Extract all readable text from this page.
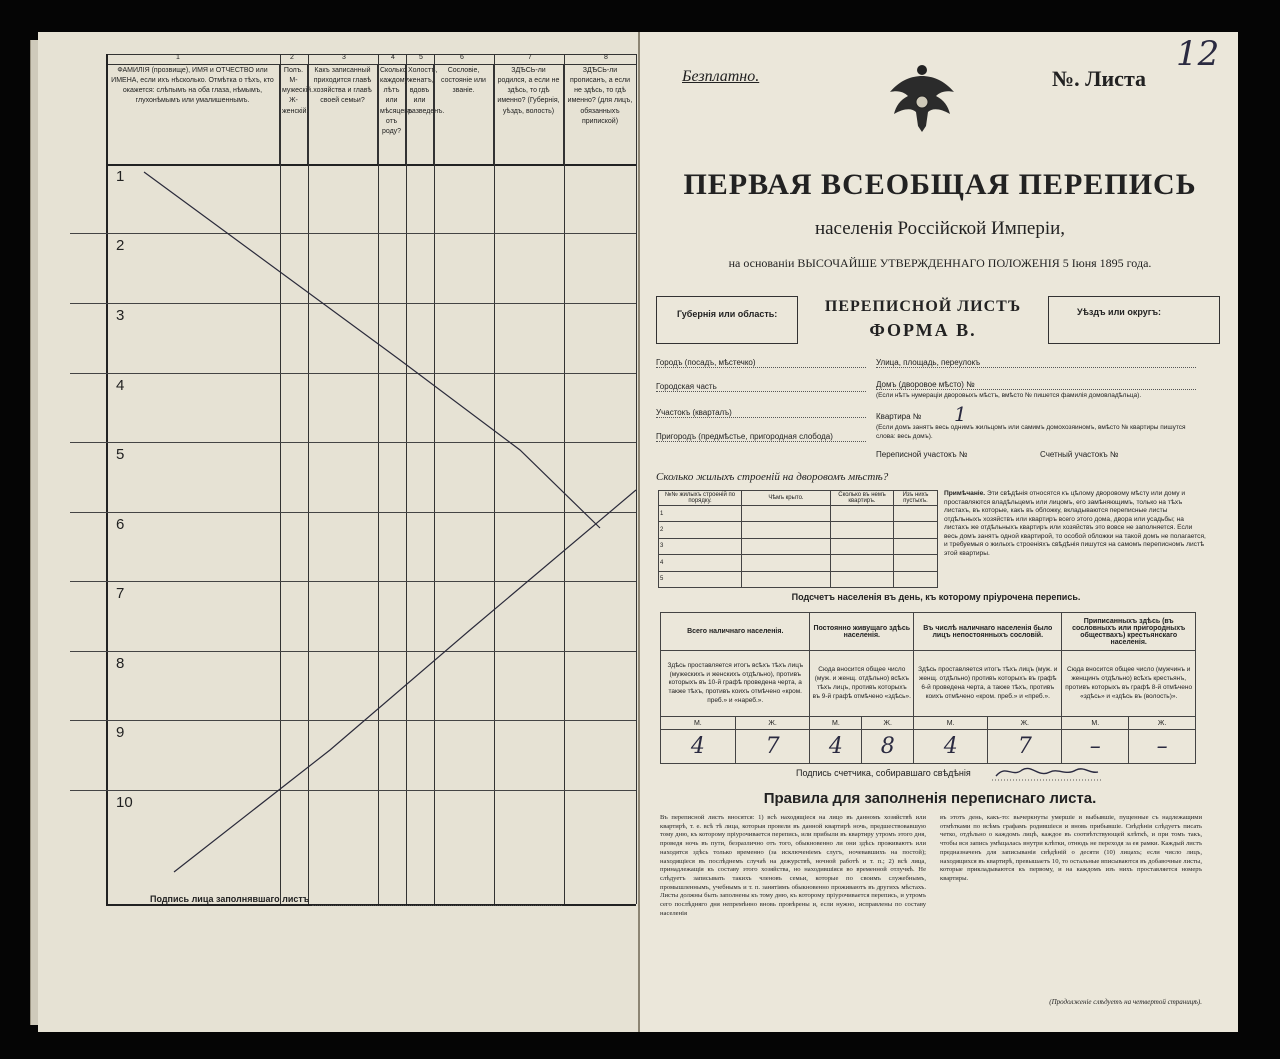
1	2	3	4	5	6	7	8
ФАМИЛІЯ (прозвище), ИМЯ и ОТЧЕСТВО или ИМЕНА, если ихъ нѣсколько. Отмѣтка о тѣхъ, кто окажется: слѣпымъ на оба глаза, нѣмымъ, глухонѣмымъ или умалишеннымъ.
Полъ. М-мужескій. Ж-женскій.
Какъ записанный приходится главѣ хозяйства и главѣ своей семьи?
Сколько каждому лѣтъ или мѣсяцевъ отъ роду?
Холостъ, женатъ, вдовъ или разведенъ.
Сословіе, состояніе или званіе.
ЗДѢСЬ-ли родился, а если не здѣсь, то гдѣ именно? (Губернія, уѣздъ, волость)
ЗДѢСЬ-ли прописанъ, а если не здѣсь, то гдѣ именно? (для лицъ, обязанныхъ припиской)
1
2
3
4
5
6
7
8
9
10
Подпись лица заполнявшаго листъ
Безплатно.	№. Листа
12
ПЕРВАЯ ВСЕОБЩАЯ ПЕРЕПИСЬ
населенія Россійской Имперіи,
на основаніи ВЫСОЧАЙШЕ УТВЕРЖДЕННАГО ПОЛОЖЕНІЯ 5 Іюня 1895 года.
Губернія или область:	ПЕРЕПИСНОЙ ЛИСТЪ
ФОРМА В.
Уѣздъ или округъ:
Городъ (посадъ, мѣстечко)
Городская часть
Участокъ (кварталъ)
Пригородъ (предмѣстье, пригородная слобода)
Улица, площадь, переулокъ
Домъ (дворовое мѣсто) №
(Если нѣтъ нумераціи дворовыхъ мѣстъ, вмѣсто № пишется фамилія домовладѣльца).
Квартира № 1
(Если домъ занятъ весь однимъ жильцомъ или самимъ домохозяиномъ, вмѣсто № квартиры пишутся слова: весь домъ).
Переписной участокъ №	Счетный участокъ №
Сколько жилыхъ строеній на дворовомъ мѣстѣ?
№№ жилыхъ строеній по порядку.	Чѣмъ крыто.	Сколько въ немъ квартиръ.	Изъ нихъ пустыхъ.
1			
2			
3			
4			
5			
Примѣчаніе. Эти свѣдѣнія относятся къ цѣлому дворовому мѣсту или дому и проставляются владѣльцемъ или лицомъ, его замѣняющимъ, только на тѣхъ листахъ, въ которые, какъ въ обложку, вкладываются переписные листы отдѣльныхъ хозяйствъ или квартиръ всего этого дома, двора или усадьбы; на листахъ же отдѣльныхъ квартиръ или хозяйствъ это вовсе не заполняется. Если весь домъ занятъ одной квартирой, то особой обложки на такой домъ не полагается, и требуемыя о жилыхъ строеніяхъ свѣдѣнія пишутся на самомъ переписномъ листѣ этой квартиры.
Подсчетъ населенія въ день, къ которому пріурочена перепись.
Всего наличнаго населенія.		Постоянно живущаго здѣсь населенія.		Въ числѣ наличнаго населенія было лицъ непостоянныхъ сословій.		Приписанныхъ здѣсь (въ сословныхъ или пригородныхъ обществахъ) крестьянскаго населенія.	
Здѣсь проставляется итогъ всѣхъ тѣхъ лицъ (мужескихъ и женскихъ отдѣльно), противъ которыхъ въ 10-й графѣ проведена черта, а также тѣхъ, противъ коихъ отмѣчено «кром. преб.» и «нареб.».		Сюда вносится общее число (муж. и женщ. отдѣльно) всѣхъ тѣхъ лицъ, противъ которыхъ въ 9-й графѣ отмѣчено «здѣсь».		Здѣсь проставляется итогъ тѣхъ лицъ (муж. и женщ. отдѣльно) противъ которыхъ въ графѣ 6-й проведена черта, а также тѣхъ, противъ коихъ отмѣчено «кром. преб.» и «преб.».		Сюда вносится общее число (мужчинъ и женщинъ отдѣльно) всѣхъ крестьянъ, противъ которыхъ въ графѣ 8-й отмѣчено «здѣсь» и «здѣсь въ (волость)».	
М.	Ж.	М.	Ж.	М.	Ж.	М.	Ж.
4	7	4	8	4	7	–	–
Подпись счетчика, собиравшаго свѣдѣнія
Правила для заполненія переписнаго листа.
Въ переписной листъ вносятся: 1) всѣ находящіеся на лицо въ данномъ хозяйствѣ или квартирѣ, т. е. всѣ тѣ лица, которыя провели въ данной квартирѣ ночь, предшествовавшую тому дню, къ которому пріурочивается перепись, или прибыли въ квартиру утромъ этого дня, проведя ночь въ пути, безразлично отъ того, обыкновенно ли они здѣсь проживаютъ или находятся здѣсь только временно (за исключеніемъ слугъ, ночевавшихъ на постой); находящіеся въ послѣднемъ случаѣ на дежурствѣ, ночной работѣ и т. п.; 2) всѣ лица, принадлежащія къ составу этого хозяйства, но находившіяся во временной отлучкѣ. Не слѣдуетъ записывать такихъ членовъ семьи, которые по своимъ служебнымъ, промышленнымъ, учебнымъ и т. п. занятіямъ обыкновенно проживаютъ въ другихъ мѣстахъ. Листы должны быть заполнены къ тому дню, къ которому пріурочивается перепись, и утромъ сего послѣдняго дня непремѣнно вновь провѣрены и, если нужно, исправлены по составу населенія
въ этотъ день, какъ-то: вычеркнуты умершіе и выбывшіе, пущенные съ надлежащими отмѣтками по всѣмъ графамъ родившіеся и вновь прибывшіе. Свѣдѣнія слѣдуетъ писать четко, отдѣльно о каждомъ лицѣ, каждое въ соотвѣтствующей клѣткѣ, и при томъ такъ, чтобы вся запись умѣщалась внутри клѣтки, отнюдь не переходя за ея рамки. Каждый листъ предназначенъ для записыванія свѣдѣній о десяти (10) лицахъ; если число лицъ, находящихся въ квартирѣ, превышаетъ 10, то остальные вписываются въ добавочные листы, которые прикладываются къ первому, и на каждомъ изъ нихъ проставляется номеръ квартиры.
(Продолженіе слѣдуетъ на четвертой страницѣ).
